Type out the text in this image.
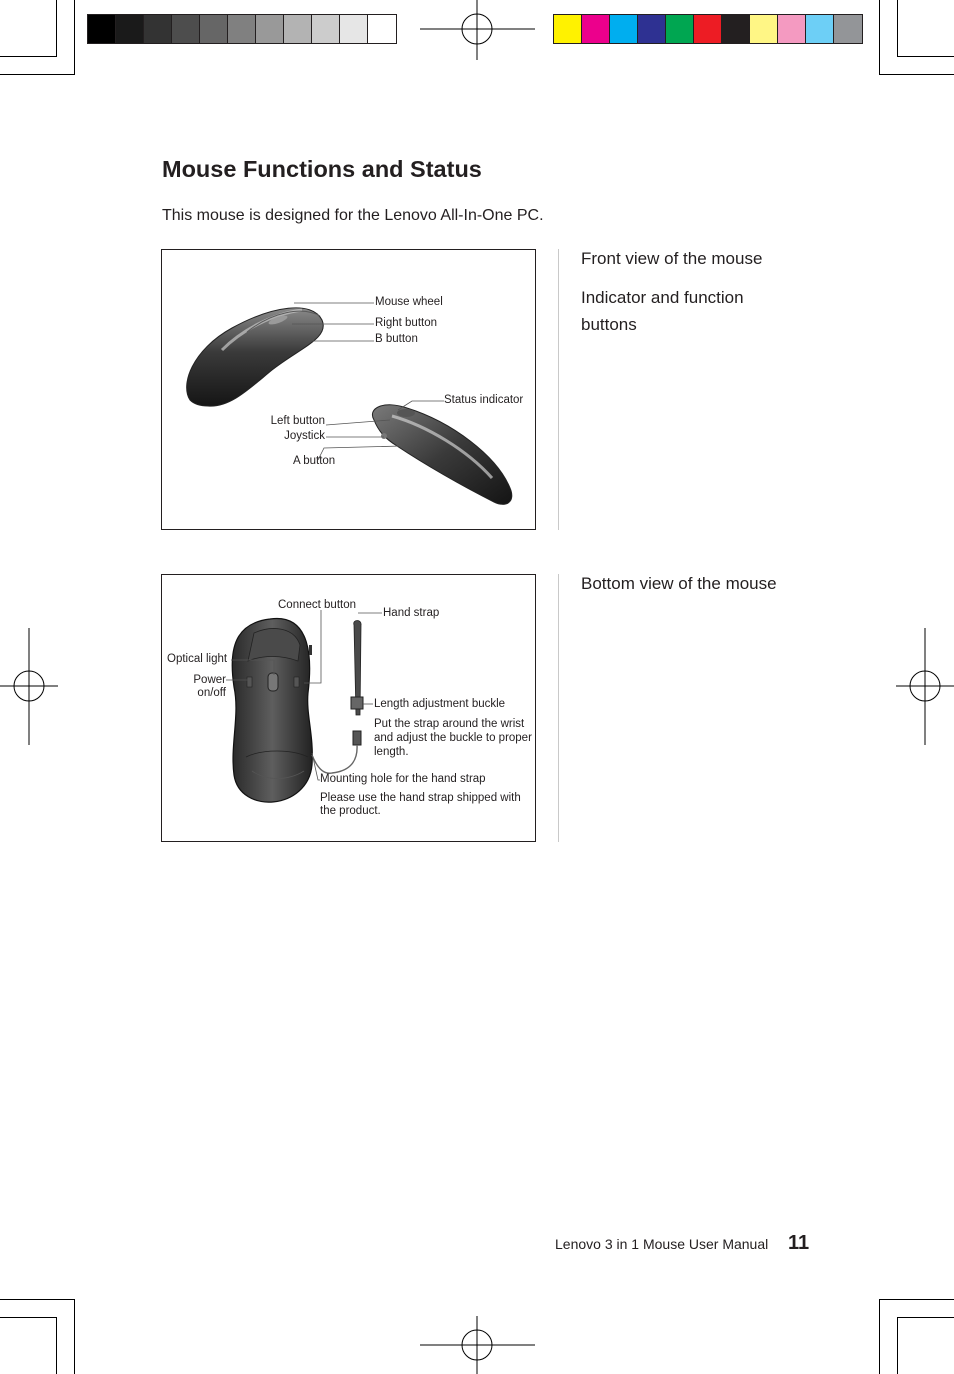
Mouse Functions and Status
This mouse is designed for the Lenovo All-In-One PC.
Mouse wheel
Right button
B button
Status indicator
Left button
Joystick
A button
Front view of the mouse
Indicator and function buttons
Connect button
Hand strap
Optical light
Power on/off
Length adjustment buckle
Put the strap around the wrist and adjust the buckle to proper length.
Mounting hole for the hand strap
Please use the hand strap shipped with the product.
Bottom view of the mouse
Lenovo 3 in 1 Mouse User Manual 11
